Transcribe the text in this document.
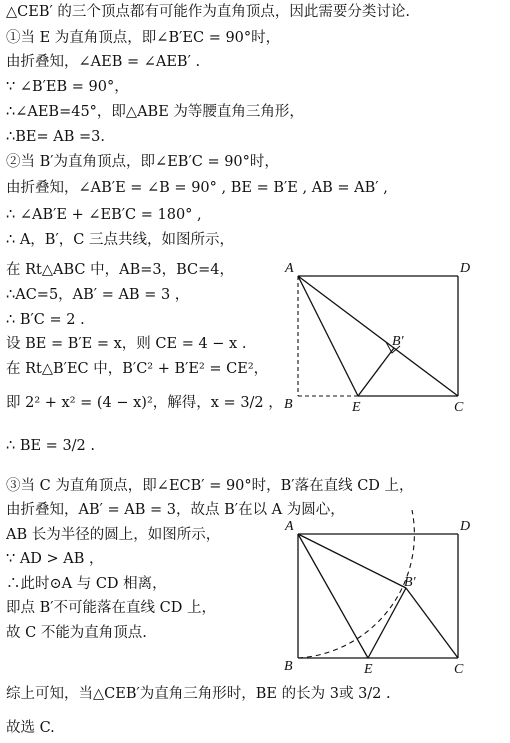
△CEB′ 的三个顶点都有可能作为直角顶点，因此需要分类讨论.
①当 E 为直角顶点，即∠B′EC = 90°时，
由折叠知，∠AEB = ∠AEB′ .
∵ ∠B′EB = 90°，
∴∠AEB=45°，即△ABE 为等腰直角三角形，
∴BE= AB =3.
②当 B′为直角顶点，即∠EB′C = 90°时，
由折叠知，∠AB′E = ∠B = 90° , BE = B′E , AB = AB′ ,
∴ ∠AB′E + ∠EB′C = 180° ,
∴ A，B′，C 三点共线，如图所示，
在 Rt△ABC 中，AB=3，BC=4，
∴AC=5，AB′ = AB = 3 ，
∴ B′C = 2 .
设 BE = B′E = x，则 CE = 4 − x .
在 Rt△B′EC 中，B′C² + B′E² = CE²，
即 2² + x² = (4 − x)²，解得，x = 3/2 ，
∴ BE = 3/2 .
③当 C 为直角顶点，即∠ECB′ = 90°时，B′落在直线 CD 上，
由折叠知，AB′ = AB = 3，故点 B′在以 A 为圆心，
AB 长为半径的圆上，如图所示，
∵ AD > AB ，
∴此时⊙A 与 CD 相离，
即点 B′不可能落在直线 CD 上，
故 C 不能为直角顶点.
综上可知，当△CEB′为直角三角形时，BE 的长为 3或 3/2 .
故选 C.
A	D
B	E	C
B′
A	D
B	E	C
B′
